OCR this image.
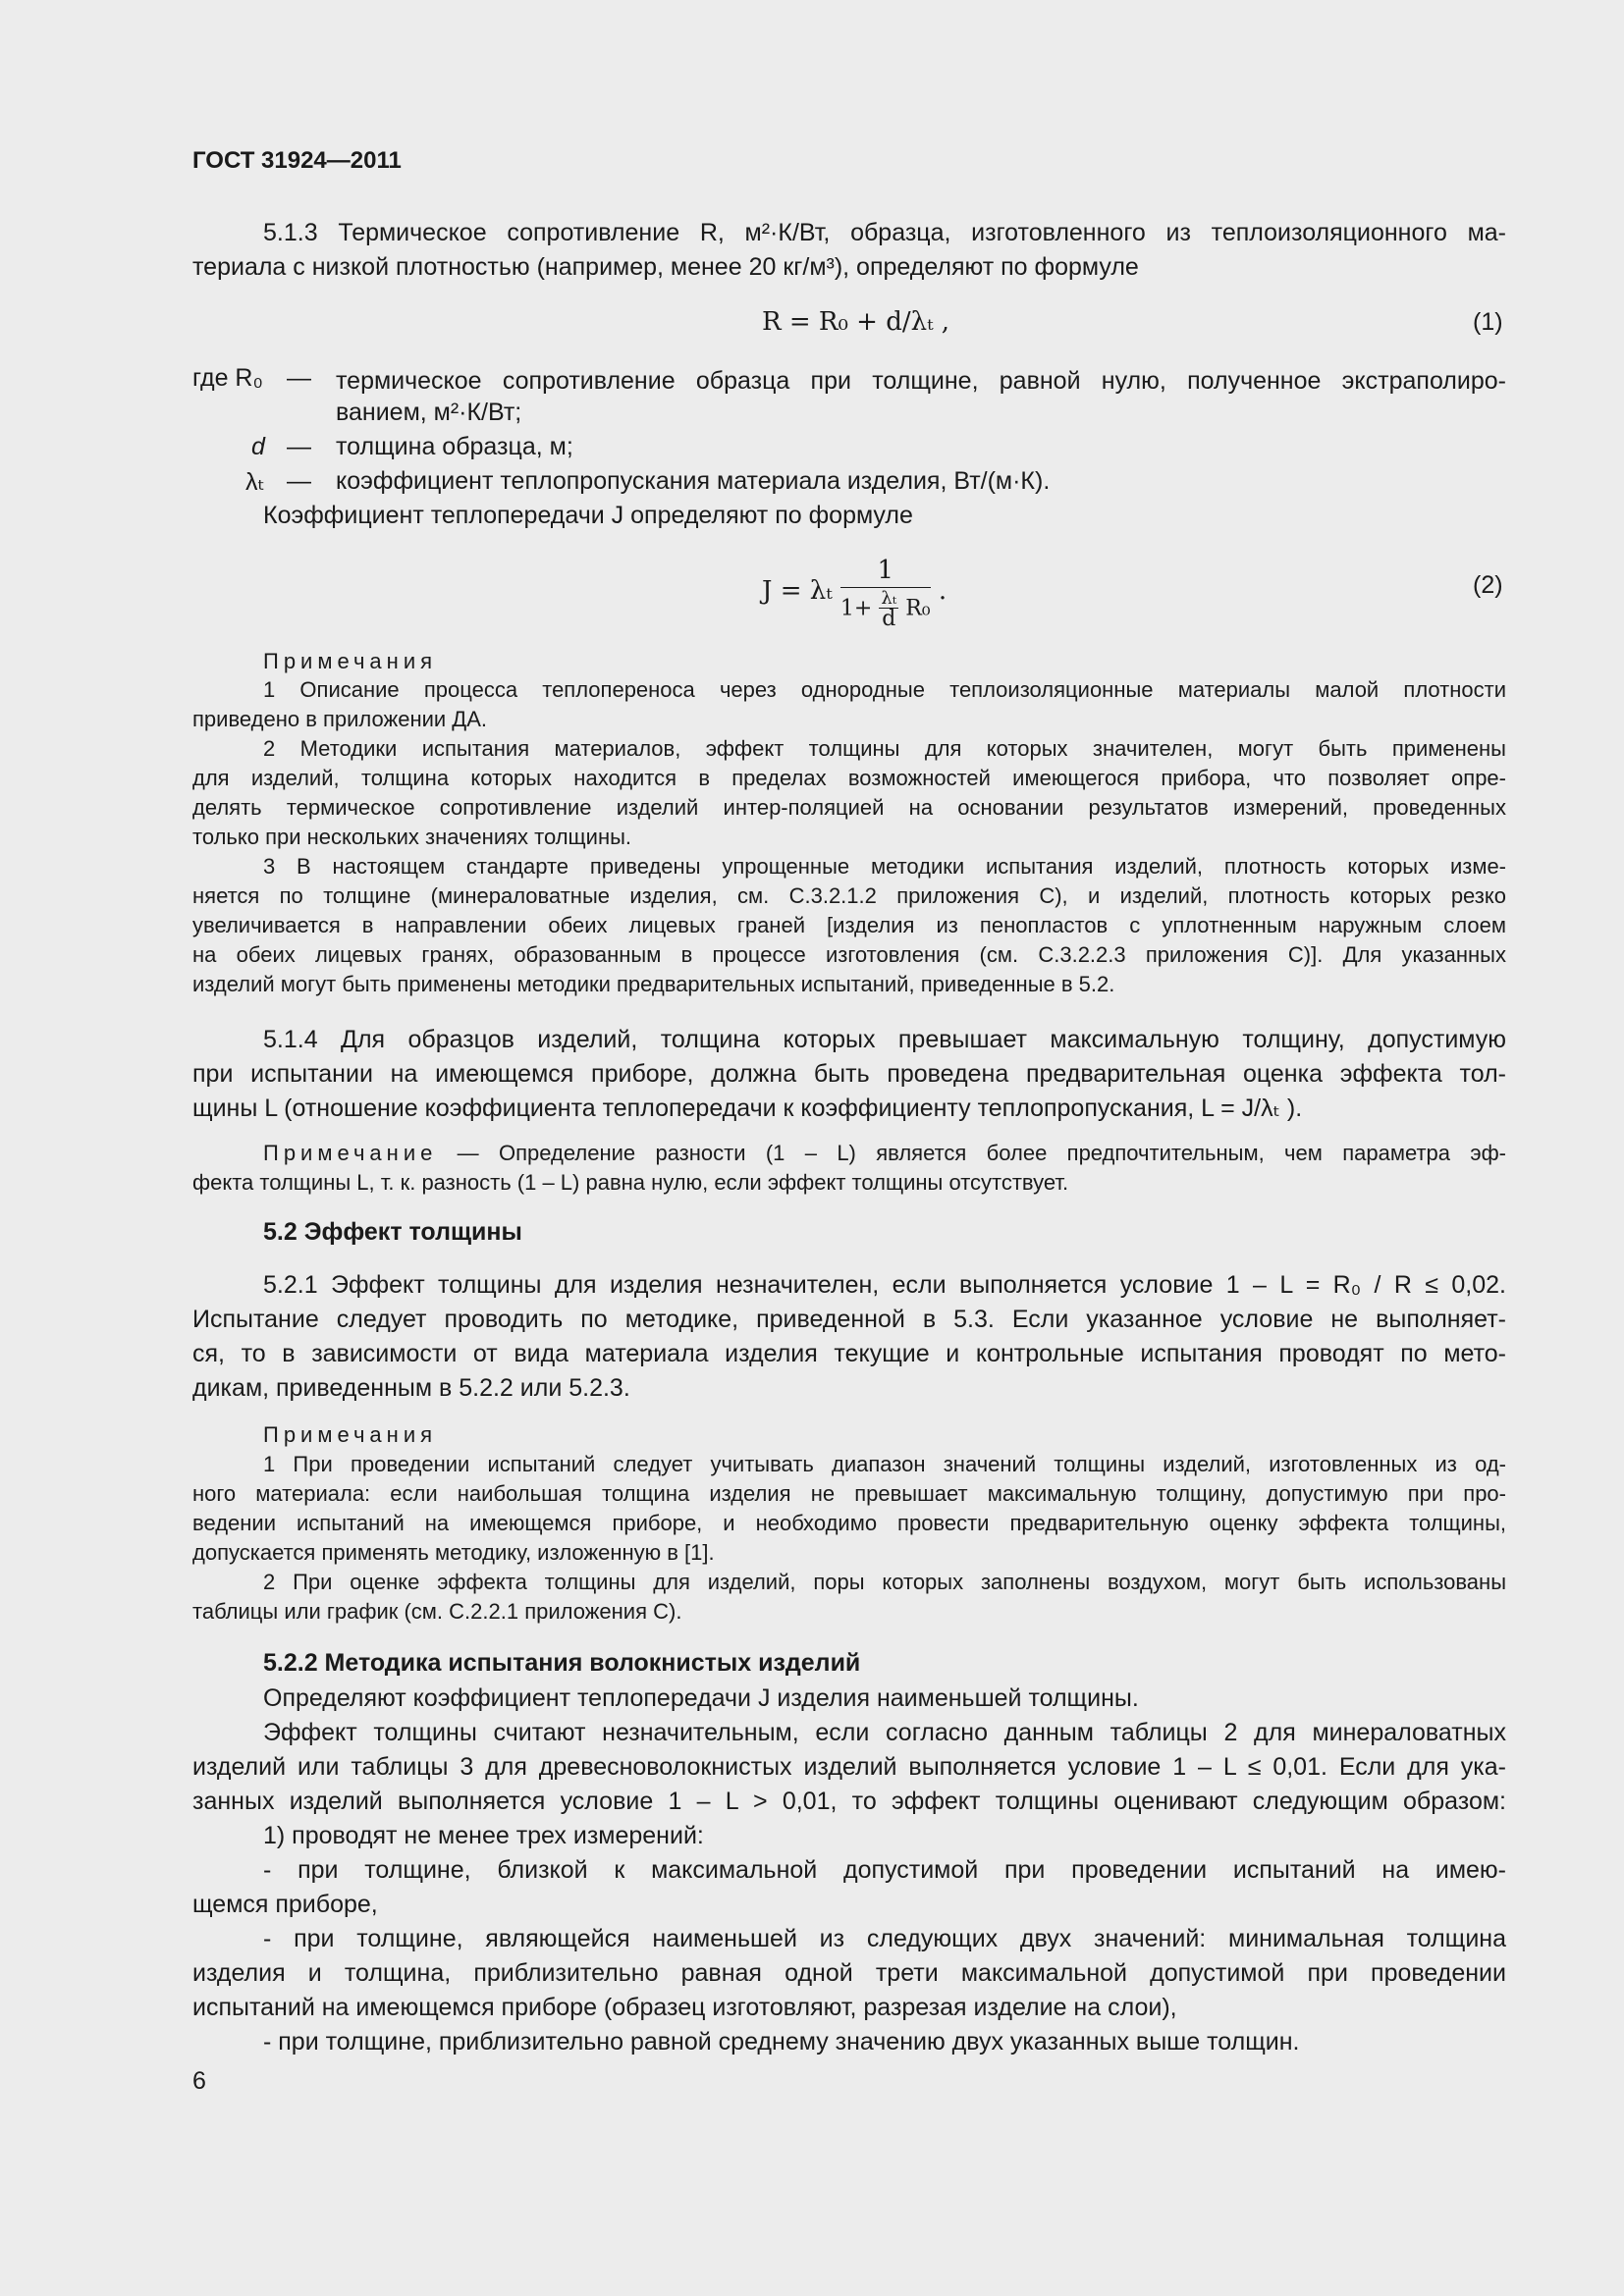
ГОСТ 31924—2011
5.1.3 Термическое сопротивление R, м²·К/Вт, образца, изготовленного из теплоизоляционного ма-
териала с низкой плотностью (например, менее 20 кг/м³), определяют по формуле
R = R₀ + d/λₜ ,	(1)
где R₀ — термическое сопротивление образца при толщине, равной нулю, полученное экстраполиро-
ванием, м²·К/Вт;
d — толщина образца, м;
λₜ — коэффициент теплопропускания материала изделия, Вт/(м·К).
Коэффициент теплопередачи J определяют по формуле
J = λₜ $\frac{1}{1+ \frac{\text{λₜ}}{d} R_0}$ .	(2)
Примечания
1 Описание процесса теплопереноса через однородные теплоизоляционные материалы малой плотности
приведено в приложении ДА.
2 Методики испытания материалов, эффект толщины для которых значителен, могут быть применены
для изделий, толщина которых находится в пределах возможностей имеющегося прибора, что позволяет опре-
делять термическое сопротивление изделий интер-поляцией на основании результатов измерений, проведенных
только при нескольких значениях толщины.
3 В настоящем стандарте приведены упрощенные методики испытания изделий, плотность которых изме-
няется по толщине (минераловатные изделия, см. С.3.2.1.2 приложения С), и изделий, плотность которых резко
увеличивается в направлении обеих лицевых граней [изделия из пенопластов с уплотненным наружным слоем
на обеих лицевых гранях, образованным в процессе изготовления (см. С.3.2.2.3 приложения С)]. Для указанных
изделий могут быть применены методики предварительных испытаний, приведенные в 5.2.
5.1.4 Для образцов изделий, толщина которых превышает максимальную толщину, допустимую
при испытании на имеющемся приборе, должна быть проведена предварительная оценка эффекта тол-
щины L (отношение коэффициента теплопередачи к коэффициенту теплопропускания, L = J/λₜ ).
Примечание — Определение разности (1 – L) является более предпочтительным, чем параметра эф-
фекта толщины L, т. к. разность (1 – L) равна нулю, если эффект толщины отсутствует.
5.2 Эффект толщины
5.2.1 Эффект толщины для изделия незначителен, если выполняется условие 1 – L = R₀ / R ≤ 0,02.
Испытание следует проводить по методике, приведенной в 5.3. Если указанное условие не выполняет-
ся, то в зависимости от вида материала изделия текущие и контрольные испытания проводят по мето-
дикам, приведенным в 5.2.2 или 5.2.3.
Примечания
1 При проведении испытаний следует учитывать диапазон значений толщины изделий, изготовленных из од-
ного материала: если наибольшая толщина изделия не превышает максимальную толщину, допустимую при про-
ведении испытаний на имеющемся приборе, и необходимо провести предварительную оценку эффекта толщины,
допускается применять методику, изложенную в [1].
2 При оценке эффекта толщины для изделий, поры которых заполнены воздухом, могут быть использованы
таблицы или график (см. С.2.2.1 приложения С).
5.2.2 Методика испытания волокнистых изделий
Определяют коэффициент теплопередачи J изделия наименьшей толщины.
Эффект толщины считают незначительным, если согласно данным таблицы 2 для минераловатных
изделий или таблицы 3 для древесноволокнистых изделий выполняется условие 1 – L ≤ 0,01. Если для ука-
занных изделий выполняется условие 1 – L > 0,01, то эффект толщины оценивают следующим образом:
1) проводят не менее трех измерений:
- при толщине, близкой к максимальной допустимой при проведении испытаний на имею-
щемся приборе,
- при толщине, являющейся наименьшей из следующих двух значений: минимальная толщина
изделия и толщина, приблизительно равная одной трети максимальной допустимой при проведении
испытаний на имеющемся приборе (образец изготовляют, разрезая изделие на слои),
- при толщине, приблизительно равной среднему значению двух указанных выше толщин.
6
